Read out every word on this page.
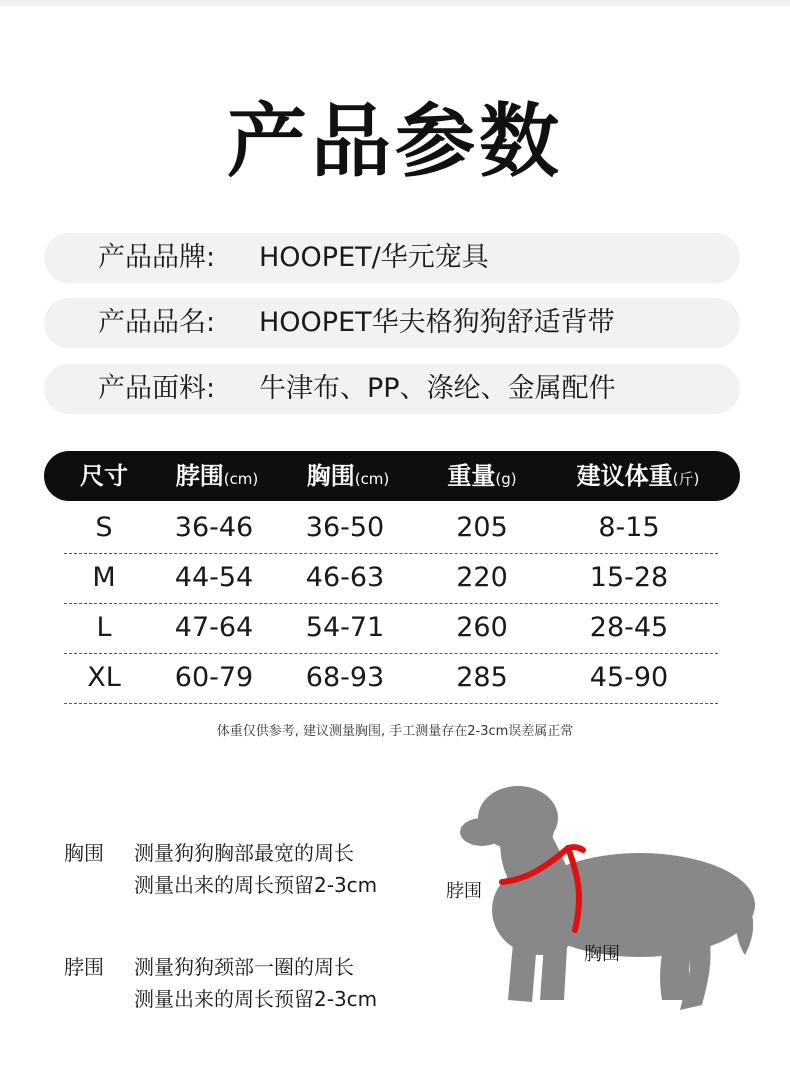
产品参数
产品品牌: HOOPET/华元宠具
产品品名: HOOPET华夫格狗狗舒适背带
产品面料: 牛津布、PP、涤纶、金属配件
尺寸 脖围(cm) 胸围(cm) 重量(g)	建议体重(斤)
S 36-46 36-50	205	8-15
M 44-54 46-63	220	15-28
L 47-64 54-71	260	28-45
XL 60-79 68-93	285	45-90
体重仅供参考, 建议测量胸围, 手工测量存在2-3cm误差属正常
胸围 测量狗狗胸部最宽的周长
测量出来的周长预留2-3cm
脖围 测量狗狗颈部一圈的周长
测量出来的周长预留2-3cm
脖围
胸围
